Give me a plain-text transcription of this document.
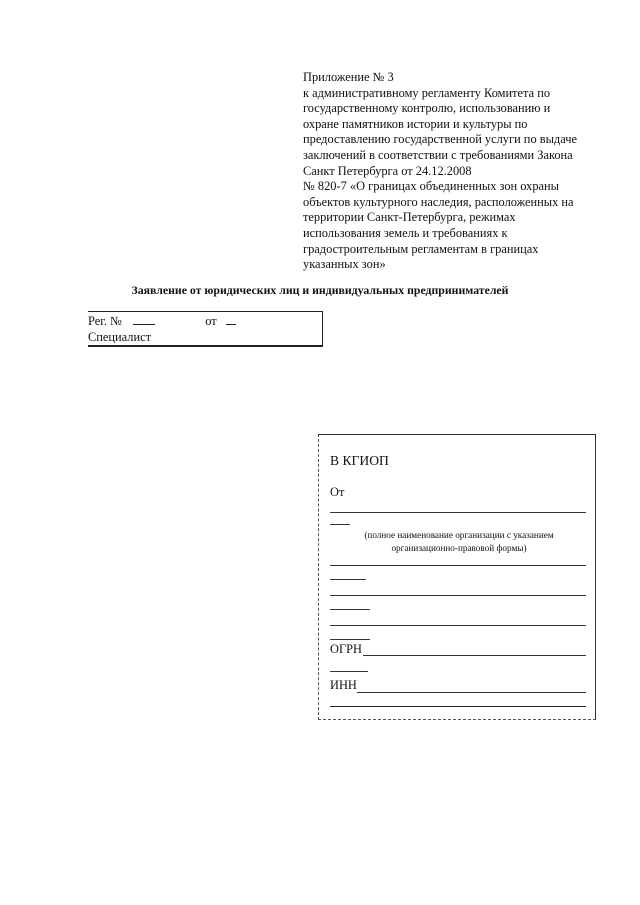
Приложение № 3
к административному регламенту Комитета по
государственному контролю, использованию и
охране памятников истории и культуры по
предоставлению государственной услуги по выдаче
заключений в соответствии с требованиями Закона
Санкт Петербурга от 24.12.2008
№ 820-7 «О границах объединенных зон охраны
объектов культурного наследия, расположенных на
территории Санкт-Петербурга, режимах
использования земель и требованиях к
градостроительным регламентам в границах
указанных зон»
Заявление от юридических лиц и индивидуальных предпринимателей
Рег. №	от
Специалист
В КГИОП
От
(полное наименование организации с указанием
организационно-правовой формы)
ОГРН
ИНН
